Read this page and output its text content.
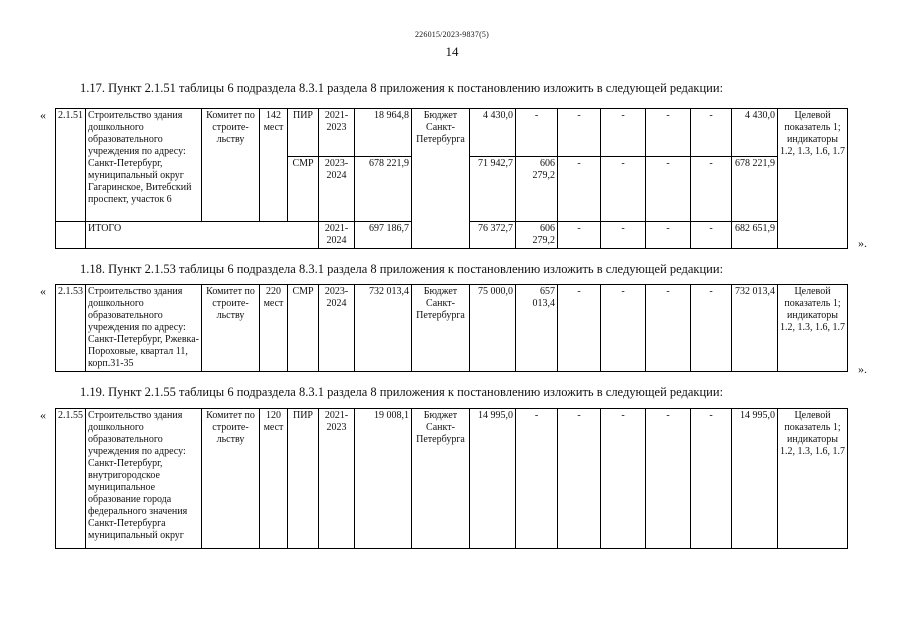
226015/2023-9837(5)
14
1.17. Пункт 2.1.51 таблицы 6 подраздела 8.3.1 раздела 8 приложения к постановлению изложить в следующей редакции:
« 2.1.51	Строительство здания дошкольного образовательного учреждения по адресу: Санкт-Петербург, муниципальный округ Гагаринское, Витебский проспект, участок 6	Комитет по строите-льству	142 мест	ПИР	2021-2023	18 964,8	Бюджет Санкт-Петербурга	4 430,0	-	-	-	-	-	4 430,0	Целевой показатель 1; индикаторы 1.2, 1.3, 1.6, 1.7
				СМР	2023-2024	678 221,9		71 942,7	606 279,2	-	-	-	-	678 221,9	
	ИТОГО				2021-2024	697 186,7		76 372,7	606 279,2	-	-	-	-	682 651,9	
».
1.18. Пункт 2.1.53 таблицы 6 подраздела 8.3.1 раздела 8 приложения к постановлению изложить в следующей редакции:
« 2.1.53	Строительство здания дошкольного образовательного учреждения по адресу: Санкт-Петербург, Ржевка-Пороховые, квартал 11, корп.31-35	Комитет по строите-льству	220 мест	СМР	2023-2024	732 013,4	Бюджет Санкт-Петербурга	75 000,0	657 013,4	-	-	-	-	732 013,4	Целевой показатель 1; индикаторы 1.2, 1.3, 1.6, 1.7
».
1.19. Пункт 2.1.55 таблицы 6 подраздела 8.3.1 раздела 8 приложения к постановлению изложить в следующей редакции:
« 2.1.55	Строительство здания дошкольного образовательного учреждения по адресу: Санкт-Петербург, внутригородское муниципальное образование города федерального значения Санкт-Петербурга муниципальный округ	Комитет по строите-льству	120 мест	ПИР	2021-2023	19 008,1	Бюджет Санкт-Петербурга	14 995,0	-	-	-	-	-	14 995,0	Целевой показатель 1; индикаторы 1.2, 1.3, 1.6, 1.7
